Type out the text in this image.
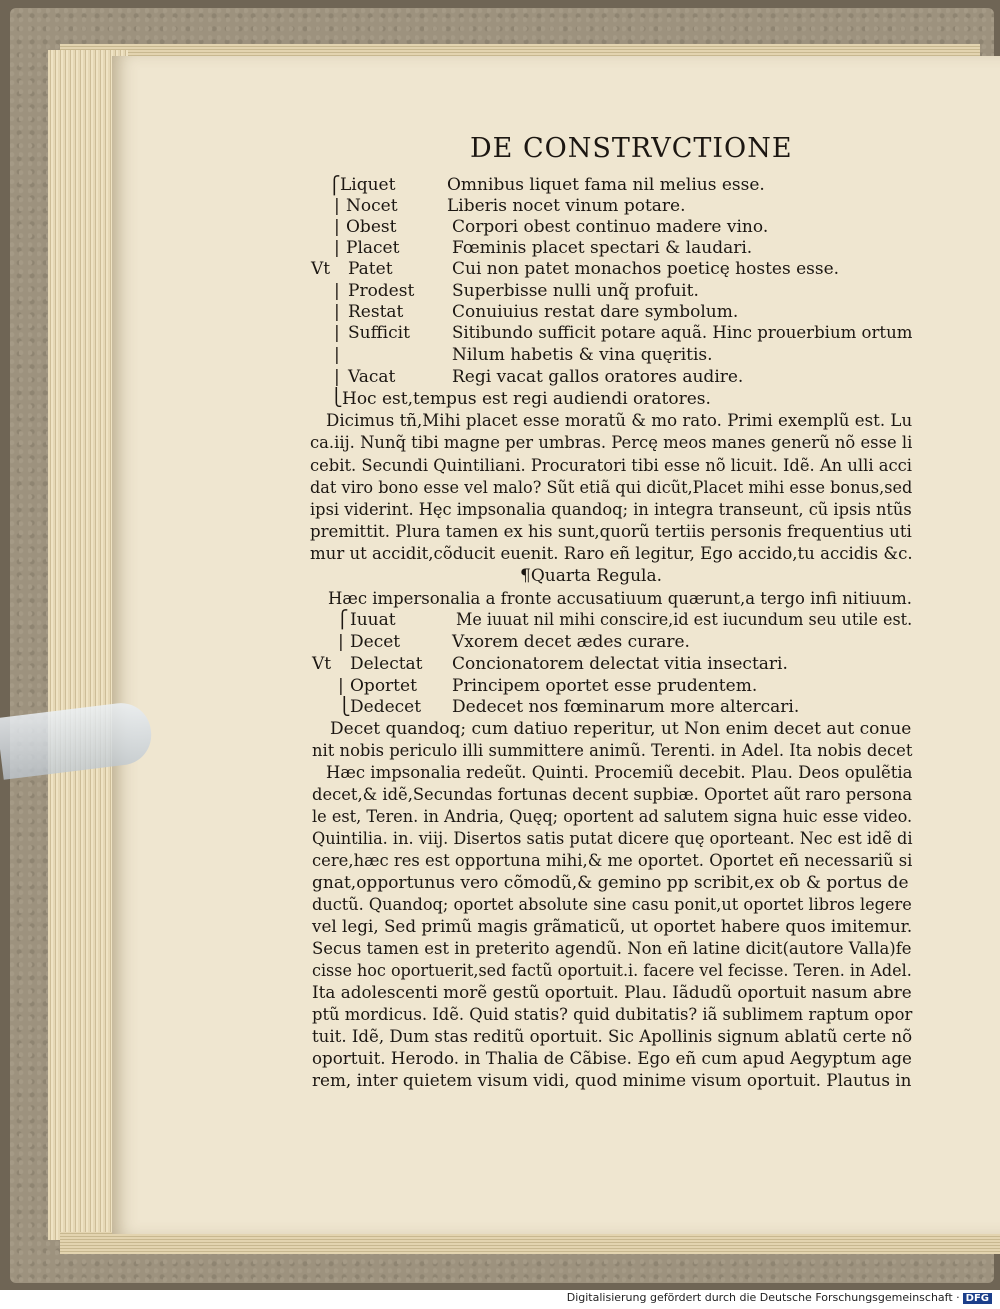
DE CONSTRVCTIONE
Liquet	Omnibus liquet fama nil melius esse.
Nocet	Liberis nocet vinum potare.
Obest	Corpori obest continuo madere vino.
Placet	Fœminis placet spectari & laudari.
Vt Patet	Cui non patet monachos poeticę hostes esse.
Prodest Superbisse nulli unq̃ profuit.
Restat	Conuiuius restat dare symbolum.
Sufficit Sitibundo sufficit potare aquã. Hinc prouerbium ortum
Nilum habetis & vina quęritis.
Vacat	Regi vacat gallos oratores audire.
⎧
|
|
|
|
|
|
|
|
⎩ Hoc est,tempus est regi audiendi oratores.
Dicimus tñ,Mihi placet esse moratũ & mo rato. Primi exemplũ est. Lu
ca.iij. Nunq̃ tibi magne per umbras. Percę meos manes generũ nõ esse li
cebit. Secundi Quintiliani. Procuratori tibi esse nõ licuit. Idẽ. An ulli acci
dat viro bono esse vel malo? Sũt etiã qui dicũt,Placet mihi esse bonus,sed
ipsi viderint. Hęc impsonalia quandoq; in integra transeunt, cũ ipsis ntũs
premittit. Plura tamen ex his sunt,quorũ tertiis personis frequentius uti
mur ut accidit,cõducit euenit. Raro eñ legitur, Ego accido,tu accidis &c.
¶Quarta Regula.
Hæc impersonalia a fronte accusatiuum quærunt,a tergo infi nitiuum.
⎧ Iuuat	Me iuuat nil mihi conscire,id est iucundum seu utile est.
| Decet	Vxorem decet ædes curare.
Vt Delectat Concionatorem delectat vitia insectari.
| Oportet Principem oportet esse prudentem.
⎩ Dedecet Dedecet nos fœminarum more altercari.
Decet quandoq; cum datiuo reperitur, ut Non enim decet aut conue
nit nobis periculo illi summittere animũ. Terenti. in Adel. Ita nobis decet
Hæc impsonalia redeũt. Quinti. Procemiũ decebit. Plau. Deos opulẽtia
decet,& idẽ,Secundas fortunas decent supbiæ. Oportet aũt raro persona
le est, Teren. in Andria, Quęq; oportent ad salutem signa huic esse video.
Quintilia. in. viij. Disertos satis putat dicere quę oporteant. Nec est idẽ di
cere,hæc res est opportuna mihi,& me oportet. Oportet eñ necessariũ si
gnat,opportunus vero cõmodũ,& gemino pp scribit,ex ob & portus de
ductũ. Quandoq; oportet absolute sine casu ponit,ut oportet libros legere
vel legi, Sed primũ magis grãmaticũ, ut oportet habere quos imitemur.
Secus tamen est in preterito agendũ. Non eñ latine dicit(autore Valla)fe
cisse hoc oportuerit,sed factũ oportuit.i. facere vel fecisse. Teren. in Adel.
Ita adolescenti morẽ gestũ oportuit. Plau. Iãdudũ oportuit nasum abre
ptũ mordicus. Idẽ. Quid statis? quid dubitatis? iã sublimem raptum opor
tuit. Idẽ, Dum stas reditũ oportuit. Sic Apollinis signum ablatũ certe nõ
oportuit. Herodo. in Thalia de Cãbise. Ego eñ cum apud Aegyptum age
rem, inter quietem visum vidi, quod minime visum oportuit. Plautus in
Digitalisierung gefördert durch die Deutsche Forschungsgemeinschaft · DFG
